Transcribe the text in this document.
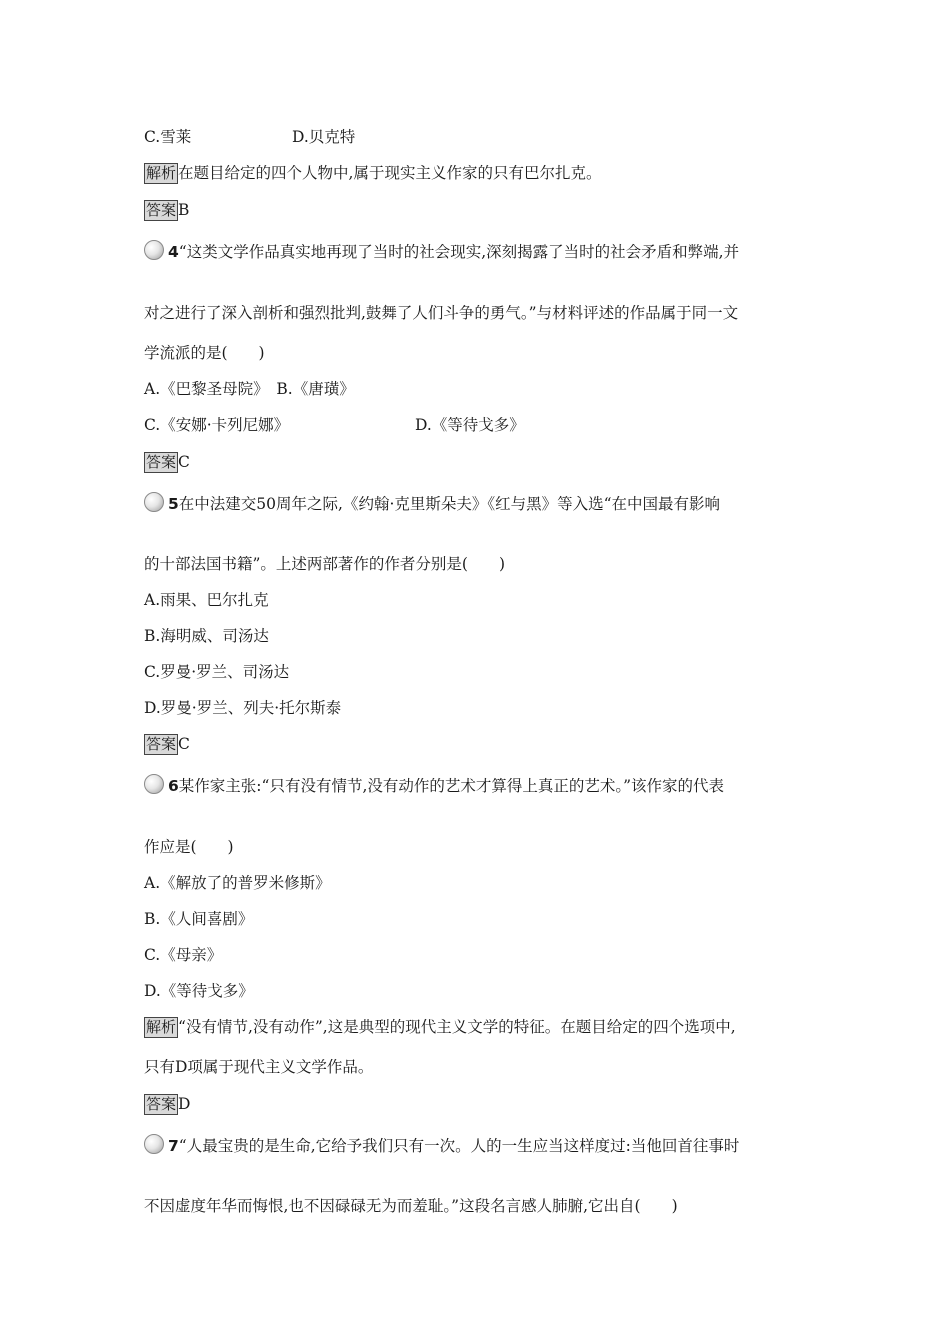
C.雪莱	D.贝克特
解析 在题目给定的四个人物中,属于现实主义作家的只有巴尔扎克。
答案 B
4“这类文学作品真实地再现了当时的社会现实,深刻揭露了当时的社会矛盾和弊端,并
对之进行了深入剖析和强烈批判,鼓舞了人们斗争的勇气。”与材料评述的作品属于同一文
学流派的是(　　)
A.《巴黎圣母院》　B.《唐璜》
C.《安娜·卡列尼娜》	D.《等待戈多》
答案 C
5在中法建交50周年之际,《约翰·克里斯朵夫》《红与黑》等入选“在中国最有影响
的十部法国书籍”。上述两部著作的作者分别是(　　)
A.雨果、巴尔扎克
B.海明威、司汤达
C.罗曼·罗兰、司汤达
D.罗曼·罗兰、列夫·托尔斯泰
答案 C
6某作家主张:“只有没有情节,没有动作的艺术才算得上真正的艺术。”该作家的代表
作应是(　　)
A.《解放了的普罗米修斯》
B.《人间喜剧》
C.《母亲》
D.《等待戈多》
解析 “没有情节,没有动作”,这是典型的现代主义文学的特征。在题目给定的四个选项中,
只有D项属于现代主义文学作品。
答案 D
7“人最宝贵的是生命,它给予我们只有一次。人的一生应当这样度过:当他回首往事时
不因虚度年华而悔恨,也不因碌碌无为而羞耻。”这段名言感人肺腑,它出自(　　)
